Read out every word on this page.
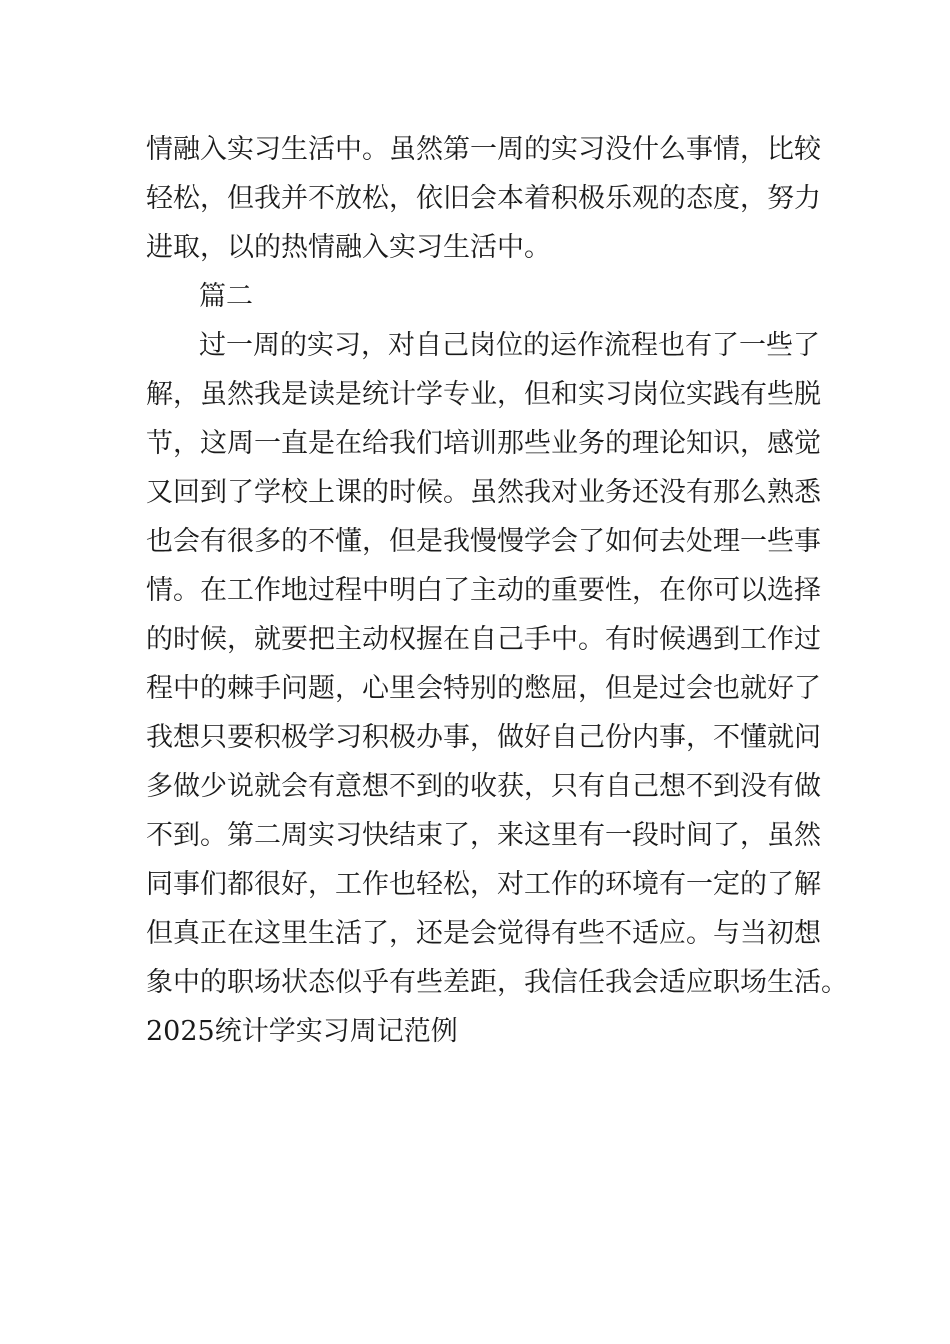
情融入实习生活中。虽然第一周的实习没什么事情，比较
轻松，但我并不放松，依旧会本着积极乐观的态度，努力
进取，以的热情融入实习生活中。
篇二
过一周的实习，对自己岗位的运作流程也有了一些了
解，虽然我是读是统计学专业，但和实习岗位实践有些脱
节，这周一直是在给我们培训那些业务的理论知识，感觉
又回到了学校上课的时候。虽然我对业务还没有那么熟悉
也会有很多的不懂，但是我慢慢学会了如何去处理一些事
情。在工作地过程中明白了主动的重要性，在你可以选择
的时候，就要把主动权握在自己手中。有时候遇到工作过
程中的棘手问题，心里会特别的憋屈，但是过会也就好了
我想只要积极学习积极办事，做好自己份内事，不懂就问
多做少说就会有意想不到的收获，只有自己想不到没有做
不到。第二周实习快结束了，来这里有一段时间了，虽然
同事们都很好，工作也轻松，对工作的环境有一定的了解
但真正在这里生活了，还是会觉得有些不适应。与当初想
象中的职场状态似乎有些差距，我信任我会适应职场生活。
2025统计学实习周记范例
